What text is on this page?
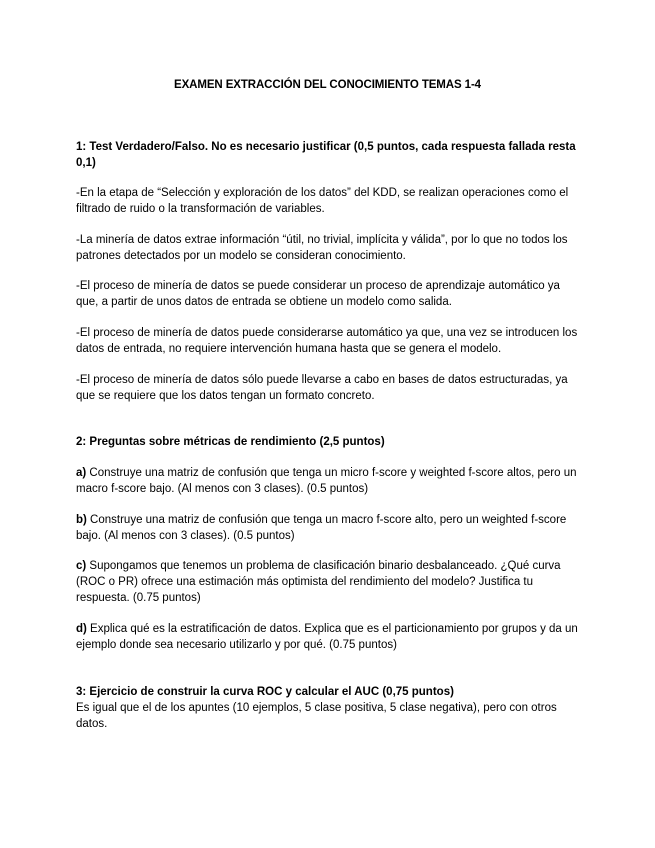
EXAMEN EXTRACCIÓN DEL CONOCIMIENTO TEMAS 1-4

1: Test Verdadero/Falso. No es necesario justificar (0,5 puntos, cada respuesta fallada resta 0,1)

-En la etapa de “Selección y exploración de los datos” del KDD, se realizan operaciones como el filtrado de ruido o la transformación de variables.

-La minería de datos extrae información “útil, no trivial, implícita y válida”, por lo que no todos los patrones detectados por un modelo se consideran conocimiento.

-El proceso de minería de datos se puede considerar un proceso de aprendizaje automático ya que, a partir de unos datos de entrada se obtiene un modelo como salida.

-El proceso de minería de datos puede considerarse automático ya que, una vez se introducen los datos de entrada, no requiere intervención humana hasta que se genera el modelo.

-El proceso de minería de datos sólo puede llevarse a cabo en bases de datos estructuradas, ya que se requiere que los datos tengan un formato concreto.

2: Preguntas sobre métricas de rendimiento (2,5 puntos)

a) Construye una matriz de confusión que tenga un micro f-score y weighted f-score altos, pero un macro f-score bajo. (Al menos con 3 clases). (0.5 puntos)

b) Construye una matriz de confusión que tenga un macro f-score alto, pero un weighted f-score bajo. (Al menos con 3 clases). (0.5 puntos)

c) Supongamos que tenemos un problema de clasificación binario desbalanceado. ¿Qué curva (ROC o PR) ofrece una estimación más optimista del rendimiento del modelo? Justifica tu respuesta. (0.75 puntos)

d) Explica qué es la estratificación de datos. Explica que es el particionamiento por grupos y da un ejemplo donde sea necesario utilizarlo y por qué. (0.75 puntos)

3: Ejercicio de construir la curva ROC y calcular el AUC (0,75 puntos)

Es igual que el de los apuntes (10 ejemplos, 5 clase positiva, 5 clase negativa), pero con otros datos.
